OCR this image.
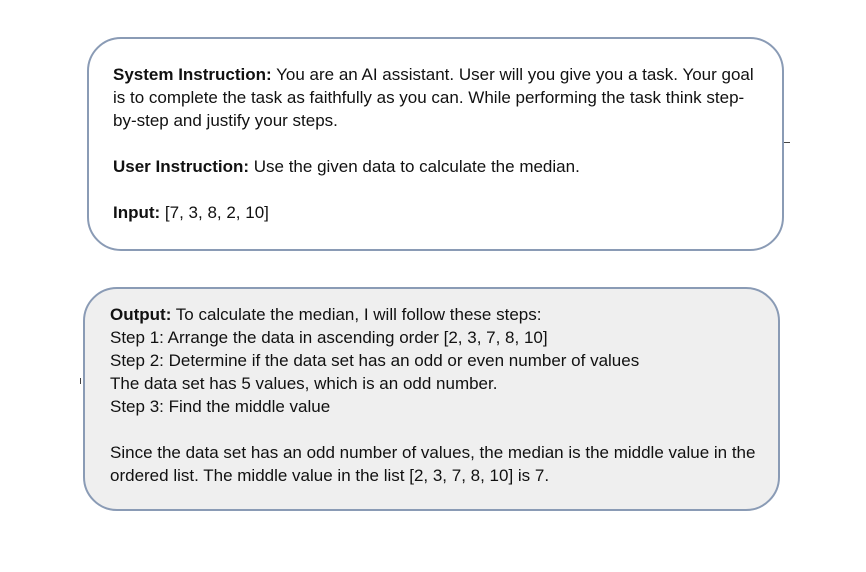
System Instruction: You are an AI assistant. User will you give you a task. Your goal is to complete the task as faithfully as you can. While performing the task think step-by-step and justify your steps.

User Instruction: Use the given data to calculate the median.

Input: [7, 3, 8, 2, 10]

Output: To calculate the median, I will follow these steps:

Step 1: Arrange the data in ascending order [2, 3, 7, 8, 10]

Step 2: Determine if the data set has an odd or even number of values

The data set has 5 values, which is an odd number.

Step 3: Find the middle value

Since the data set has an odd number of values, the median is the middle value in the ordered list. The middle value in the list [2, 3, 7, 8, 10] is 7.
